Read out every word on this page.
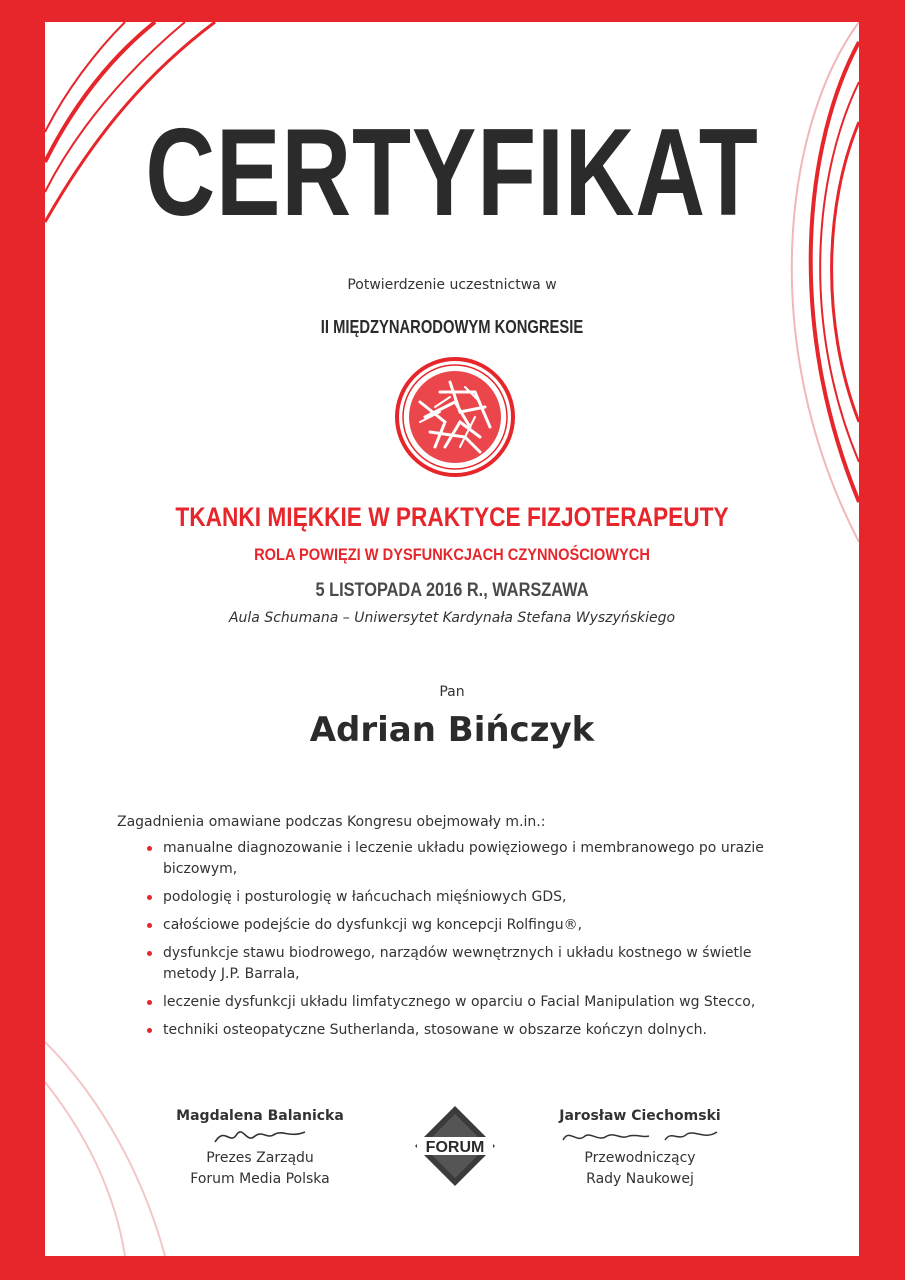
CERTYFIKAT
Potwierdzenie uczestnictwa w
II MIĘDZYNARODOWYM KONGRESIE
TKANKI MIĘKKIE W PRAKTYCE FIZJOTERAPEUTY
ROLA POWIĘZI W DYSFUNKCJACH CZYNNOŚCIOWYCH
5 LISTOPADA 2016 R., WARSZAWA
Aula Schumana – Uniwersytet Kardynała Stefana Wyszyńskiego
Pan
Adrian Bińczyk
Zagadnienia omawiane podczas Kongresu obejmowały m.in.:
manualne diagnozowanie i leczenie układu powięziowego i membranowego po urazie biczowym,
podologię i posturologię w łańcuchach mięśniowych GDS,
całościowe podejście do dysfunkcji wg koncepcji Rolfingu®,
dysfunkcje stawu biodrowego, narządów wewnętrznych i układu kostnego w świetle metody J.P. Barrala,
leczenie dysfunkcji układu limfatycznego w oparciu o Facial Manipulation wg Stecco,
techniki osteopatyczne Sutherlanda, stosowane w obszarze kończyn dolnych.
Magdalena Balanicka
Prezes Zarządu
Forum Media Polska
FORUM
Jarosław Ciechomski
Przewodniczący
Rady Naukowej
